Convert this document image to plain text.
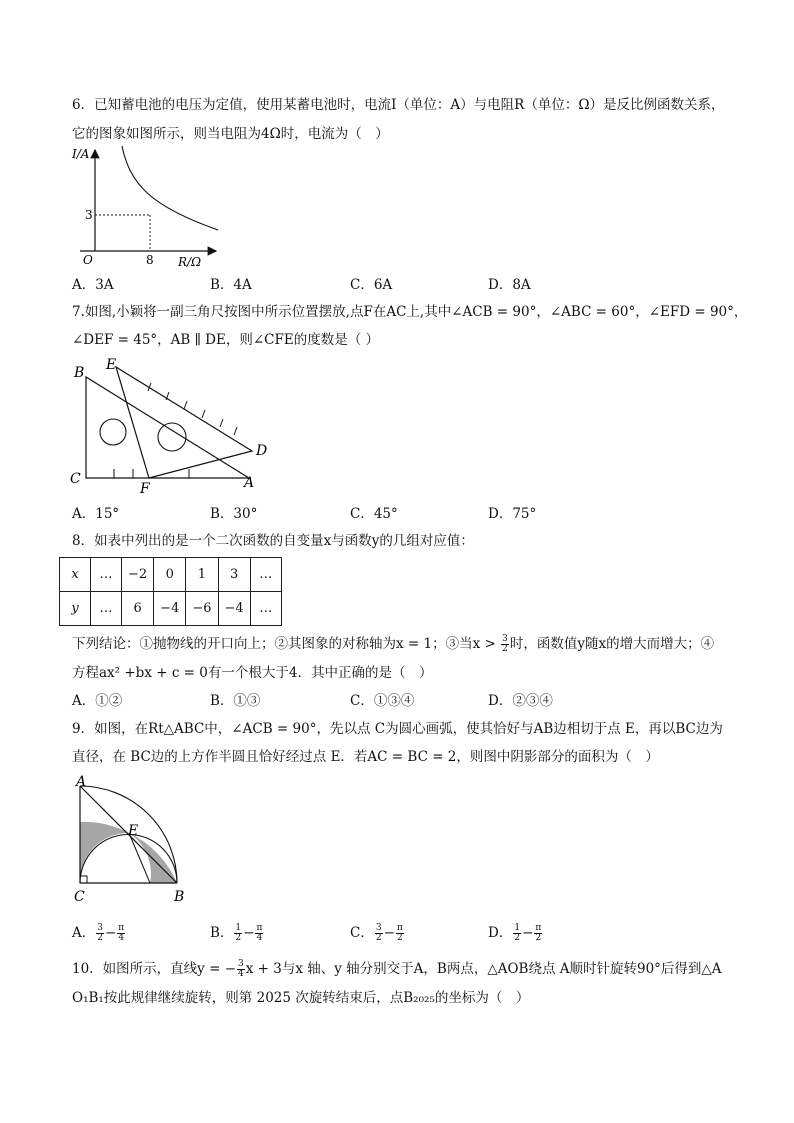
6．已知蓄电池的电压为定值，使用某蓄电池时，电流I（单位：A）与电阻R（单位：Ω）是反比例函数关系，
它的图象如图所示，则当电阻为4Ω时，电流为（　）
I/A
3
O	8 R/Ω
A．3A	B．4A	C．6A	D．8A
7.如图,小颖将一副三角尺按图中所示位置摆放,点F在AC上,其中∠ACB = 90°，∠ABC = 60°，∠EFD = 90°，
∠DEF = 45°，AB ∥ DE，则∠CFE的度数是（ ）
B E
C
F	A
D
A．15°	B．30°	C．45°	D．75°
8．如表中列出的是一个二次函数的自变量x与函数y的几组对应值：
x	…	−2	0	1	3	…
y	…	6	−4	−6	−4	…
下列结论：①抛物线的开口向上；②其图象的对称轴为x = 1；③当$x > \frac{3}{2}$ 时，函数值y随x的增大而增大；④
方程ax² +bx + c = 0有一个根大于4．其中正确的是（　）
A．①②	B．①③	C．①③④	D．②③④
9．如图，在Rt△ABC中，∠ACB = 90°，先以点 C为圆心画弧，使其恰好与AB边相切于点 E，再以BC边为
直径，在 BC边的上方作半圆且恰好经过点 E．若AC = BC = 2，则图中阴影部分的面积为（　）
A
E
C	B
A． $\frac{3}{2} - \frac{\pi}{4}$	B． $\frac{1}{2} - \frac{\pi}{4}$	C． $\frac{3}{2} - \frac{\pi}{2}$	D． $\frac{1}{2} - \frac{\pi}{2}$
10．如图所示，直线y = − $\frac{3}{4}$ x + 3与x 轴、y 轴分别交于A，B两点，△AOB绕点 A顺时针旋转90°后得到△A
O₁B₁按此规律继续旋转，则第 2025 次旋转结束后，点B₂₀₂₅的坐标为（　）
